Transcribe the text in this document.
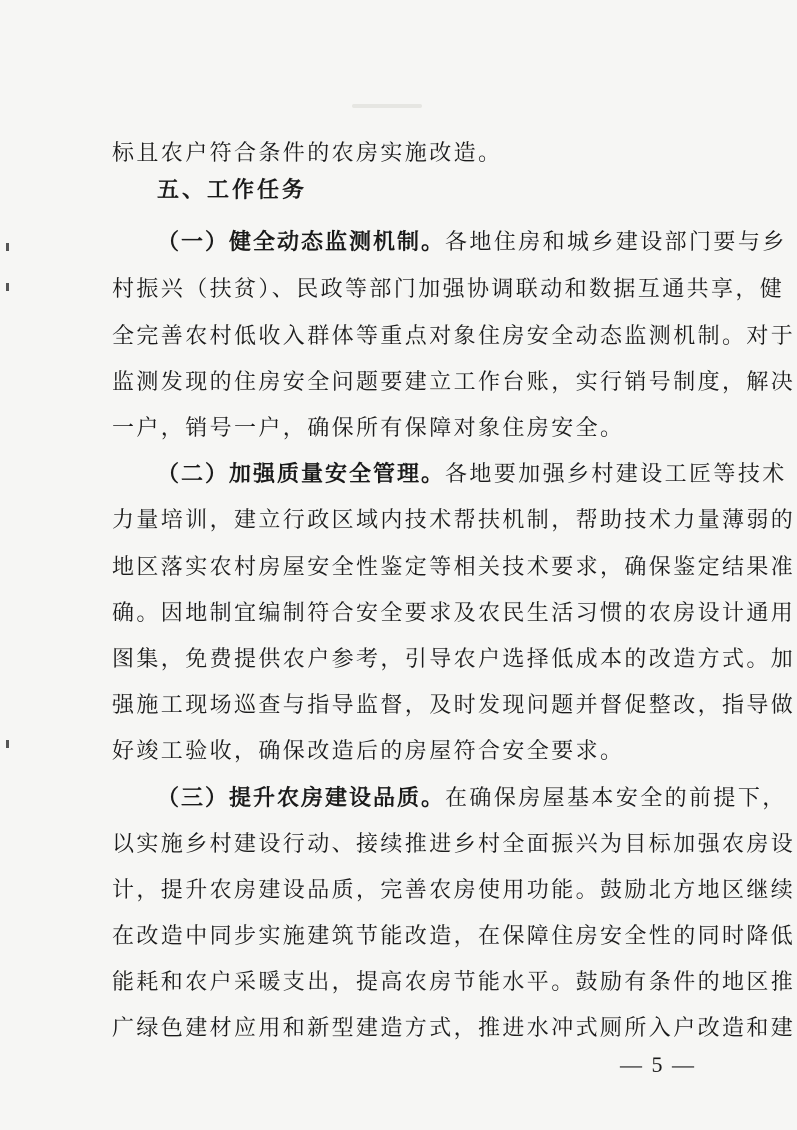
标且农户符合条件的农房实施改造。
五、工作任务
（一）健全动态监测机制。各地住房和城乡建设部门要与乡
村振兴（扶贫）、民政等部门加强协调联动和数据互通共享，健
全完善农村低收入群体等重点对象住房安全动态监测机制。对于
监测发现的住房安全问题要建立工作台账，实行销号制度，解决
一户，销号一户，确保所有保障对象住房安全。
（二）加强质量安全管理。各地要加强乡村建设工匠等技术
力量培训，建立行政区域内技术帮扶机制，帮助技术力量薄弱的
地区落实农村房屋安全性鉴定等相关技术要求，确保鉴定结果准
确。因地制宜编制符合安全要求及农民生活习惯的农房设计通用
图集，免费提供农户参考，引导农户选择低成本的改造方式。加
强施工现场巡查与指导监督，及时发现问题并督促整改，指导做
好竣工验收，确保改造后的房屋符合安全要求。
（三）提升农房建设品质。在确保房屋基本安全的前提下，
以实施乡村建设行动、接续推进乡村全面振兴为目标加强农房设
计，提升农房建设品质，完善农房使用功能。鼓励北方地区继续
在改造中同步实施建筑节能改造，在保障住房安全性的同时降低
能耗和农户采暖支出，提高农房节能水平。鼓励有条件的地区推
广绿色建材应用和新型建造方式，推进水冲式厕所入户改造和建
— 5 —
